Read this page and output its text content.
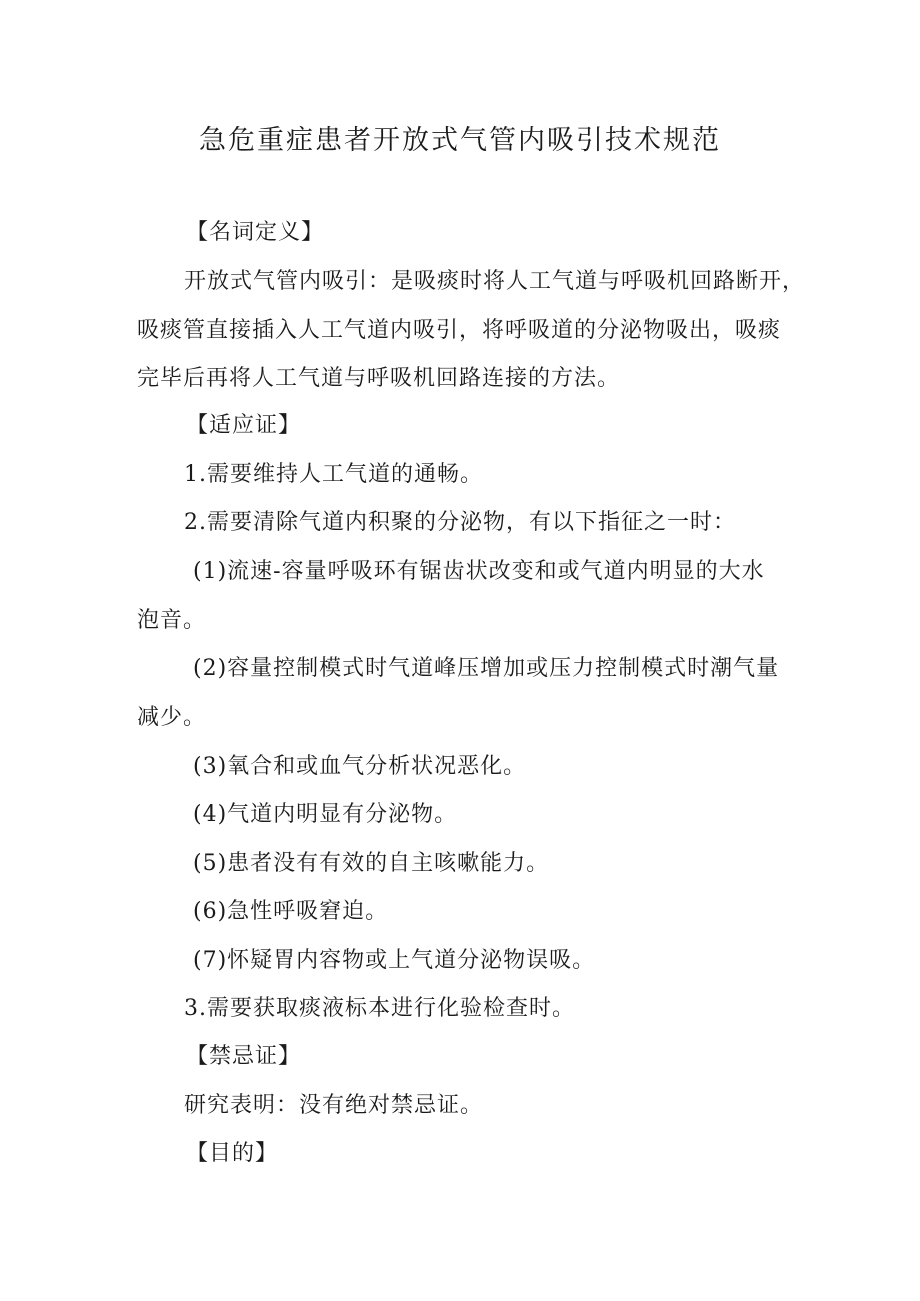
急危重症患者开放式气管内吸引技术规范
【名词定义】
开放式气管内吸引：是吸痰时将人工气道与呼吸机回路断开，
吸痰管直接插入人工气道内吸引，将呼吸道的分泌物吸出，吸痰
完毕后再将人工气道与呼吸机回路连接的方法。
【适应证】
1.需要维持人工气道的通畅。
2.需要清除气道内积聚的分泌物，有以下指征之一时：
(1)流速-容量呼吸环有锯齿状改变和或气道内明显的大水
泡音。
(2)容量控制模式时气道峰压增加或压力控制模式时潮气量
减少。
(3)氧合和或血气分析状况恶化。
(4)气道内明显有分泌物。
(5)患者没有有效的自主咳嗽能力。
(6)急性呼吸窘迫。
(7)怀疑胃内容物或上气道分泌物误吸。
3.需要获取痰液标本进行化验检查时。
【禁忌证】
研究表明：没有绝对禁忌证。
【目的】
